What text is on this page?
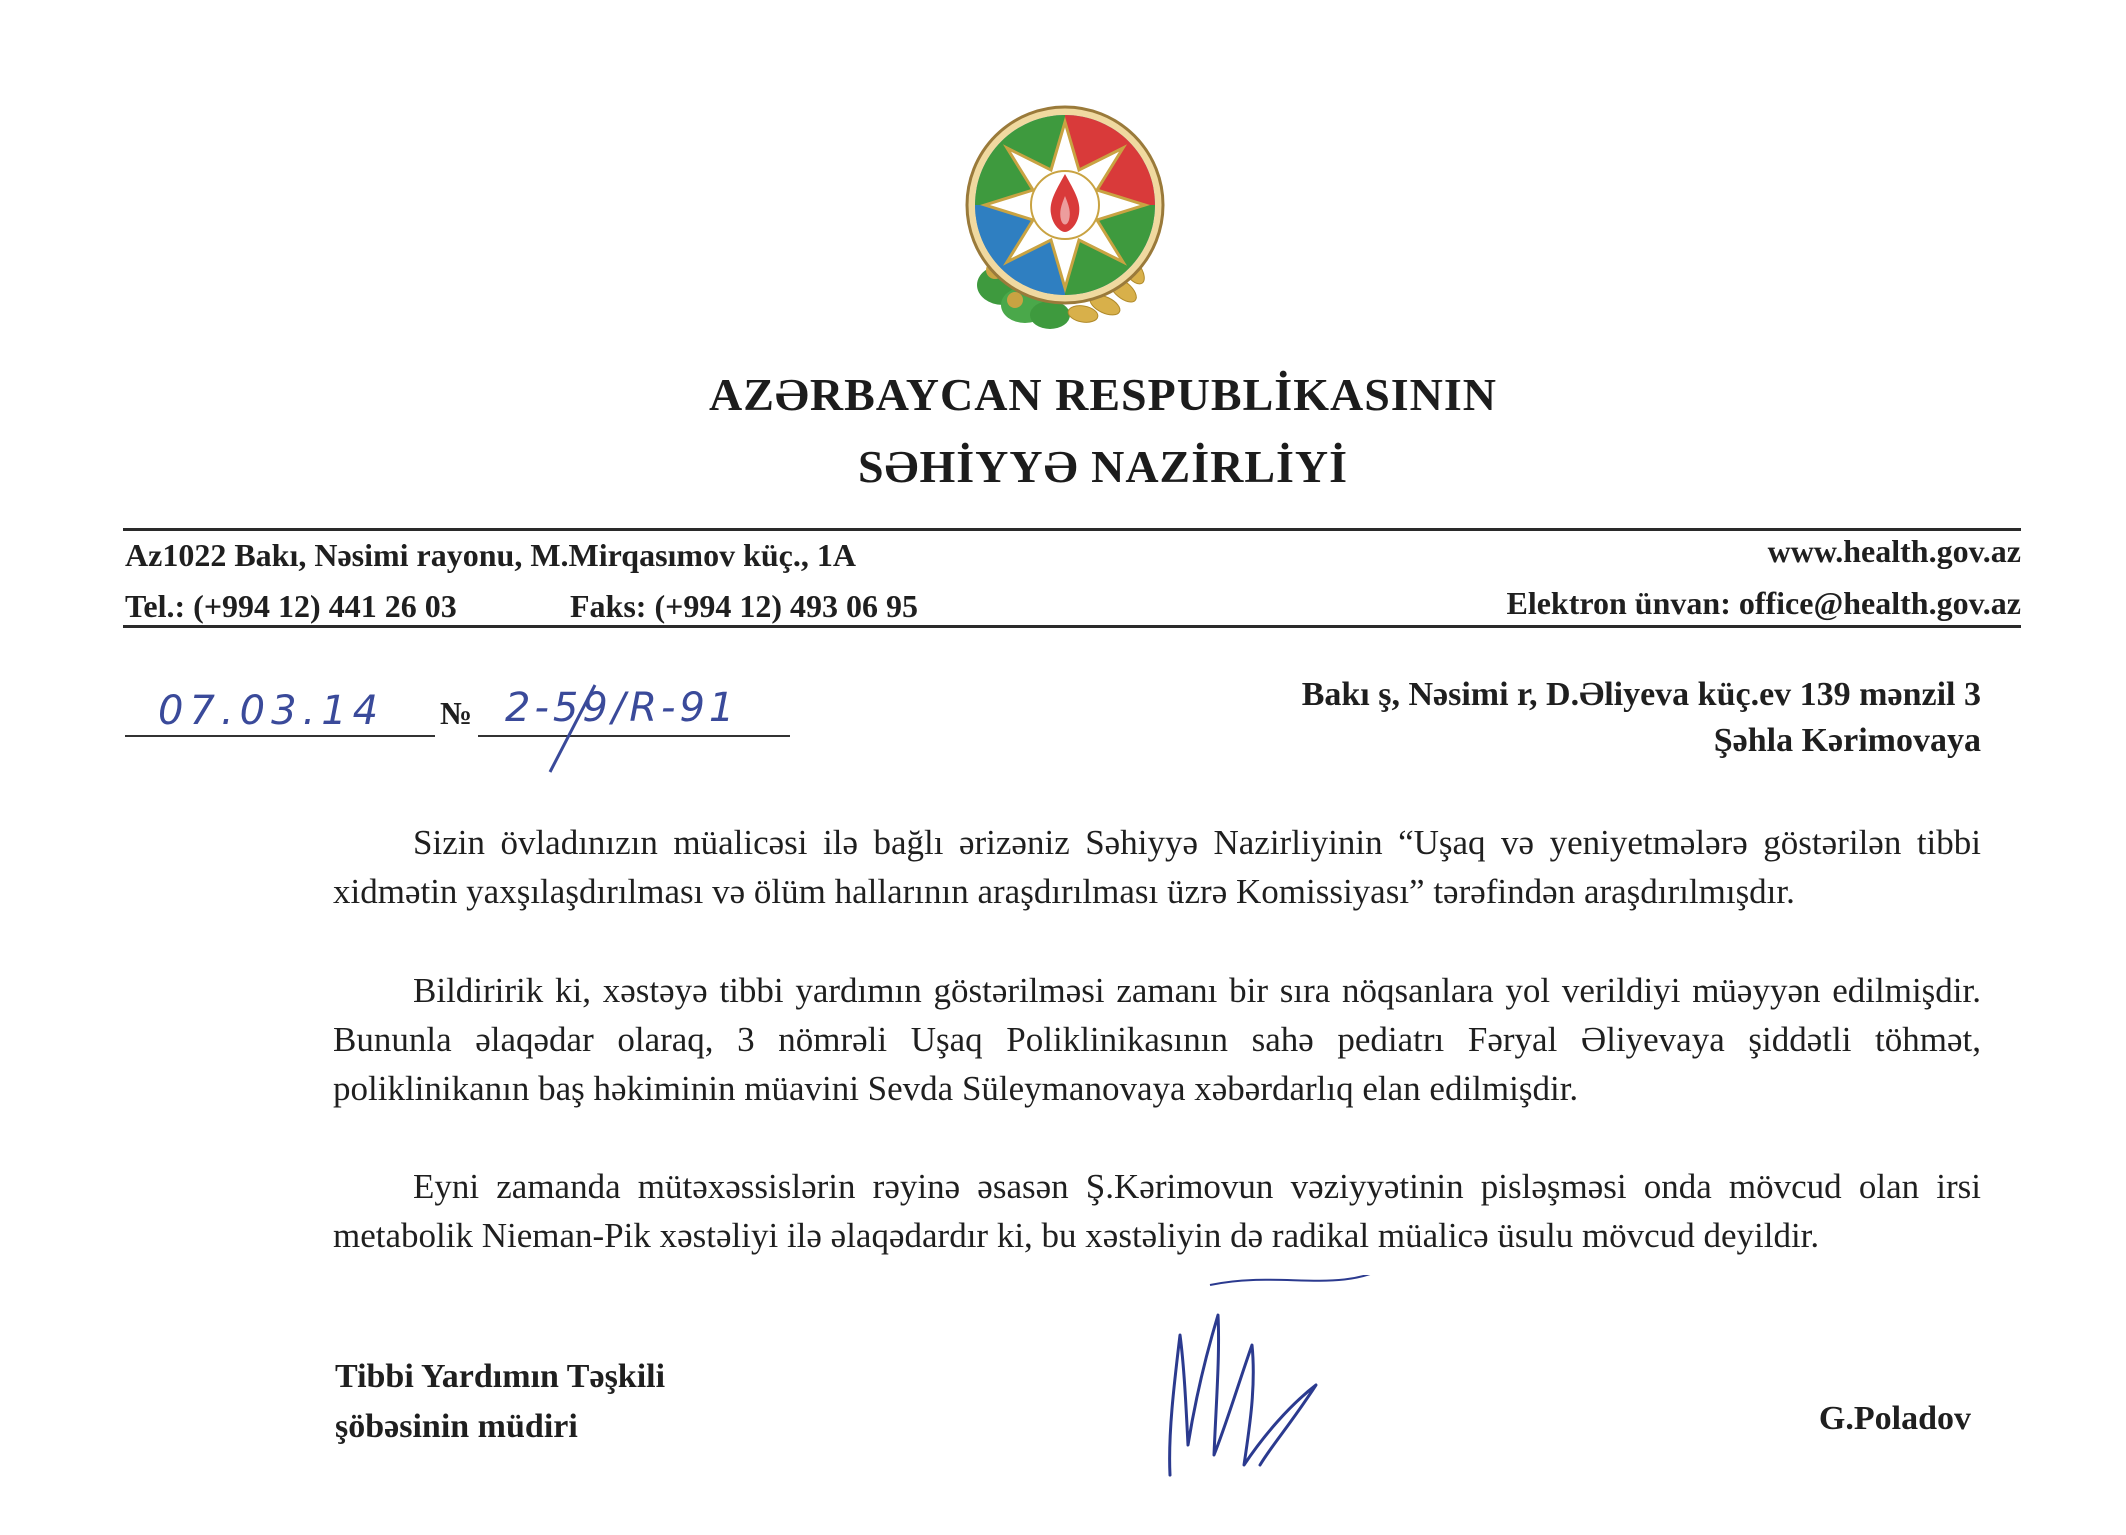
AZƏRBAYCAN RESPUBLİKASININ
SƏHİYYƏ NAZİRLİYİ
Az1022 Bakı, Nəsimi rayonu, M.Mirqasımov küç., 1A
Tel.: (+994 12) 441 26 03	Faks: (+994 12) 493 06 95
www.health.gov.az
Elektron ünvan: office@health.gov.az
07.03.14 № 2-59/R-91	Bakı ş, Nəsimi r, D.Əliyeva küç.ev 139 mənzil 3
Şəhla Kərimovaya
Sizin övladınızın müalicəsi ilə bağlı ərizəniz Səhiyyə Nazirliyinin “Uşaq və yeniyetmələrə göstərilən tibbi xidmətin yaxşılaşdırılması və ölüm hallarının araşdırılması üzrə Komissiyası” tərəfindən araşdırılmışdır.
Bildiririk ki, xəstəyə tibbi yardımın göstərilməsi zamanı bir sıra nöqsanlara yol verildiyi müəyyən edilmişdir. Bununla əlaqədar olaraq, 3 nömrəli Uşaq Poliklinikasının sahə pediatrı Fəryal Əliyevaya şiddətli töhmət, poliklinikanın baş həkiminin müavini Sevda Süleymanovaya xəbərdarlıq elan edilmişdir.
Eyni zamanda mütəxəssislərin rəyinə əsasən Ş.Kərimovun vəziyyətinin pisləşməsi onda mövcud olan irsi metabolik Nieman-Pik xəstəliyi ilə əlaqədardır ki, bu xəstəliyin də radikal müalicə üsulu mövcud deyildir.
Tibbi Yardımın Təşkili
şöbəsinin müdiri	G.Poladov
